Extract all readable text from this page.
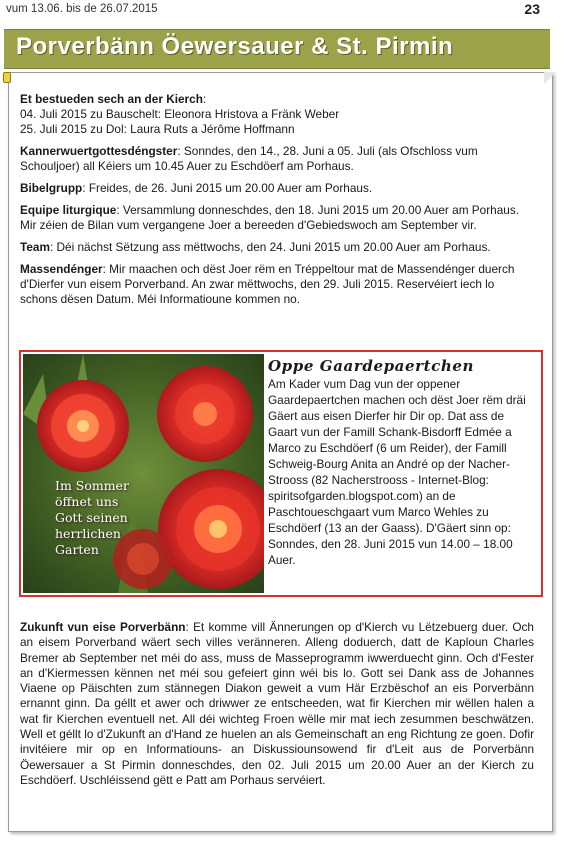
vum 13.06. bis de 26.07.2015	23
Porverbänn Öewersauer & St. Pirmin

Et bestueden sech an der Kierch:
04. Juli 2015 zu Bauschelt: Eleonora Hristova a Fränk Weber
25. Juli 2015 zu Dol: Laura Ruts a Jérôme Hoffmann

Kannerwuertgottesdéngster: Sonndes, den 14., 28. Juni a 05. Juli (als Ofschloss vum
Schouljoer) all Kéiers um 10.45 Auer zu Eschdöerf am Porhaus.

Bibelgrupp: Freides, de 26. Juni 2015 um 20.00 Auer am Porhaus.

Equipe liturgique: Versammlung donneschdes, den 18. Juni 2015 um 20.00 Auer am Porhaus.
Mir zéien de Bilan vum vergangene Joer a bereeden d'Gebiedswoch am September vir.

Team: Déi nächst Sëtzung ass mëttwochs, den 24. Juni 2015 um 20.00 Auer am Porhaus.

Massendénger: Mir maachen och dëst Joer rëm en Tréppeltour mat de Massendénger duerch
d'Dierfer vun eisem Porverband. An zwar mëttwochs, den 29. Juli 2015. Reservéiert iech lo
schons dësen Datum. Méi Informatioune kommen no.

Im Sommer
öffnet uns
Gott seinen
herrlichen
Garten
Oppe Gaardepaertchen
Am Kader vum Dag vun der oppener
Gaardepaertchen machen och dëst Joer rëm dräi
Gäert aus eisen Dierfer hir Dir op. Dat ass de
Gaart vun der Famill Schank-Bisdorff Edmée a
Marco zu Eschdöerf (6 um Reider), der Famill
Schweig-Bourg Anita an André op der Nacher-
Strooss (82 Nacherstrooss - Internet-Blog:
spiritsofgarden.blogspot.com) an de
Paschtoueschgaart vum Marco Wehles zu
Eschdöerf (13 an der Gaass). D'Gäert sinn op:
Sonndes, den 28. Juni 2015 vun 14.00 – 18.00
Auer.
Zukunft vun eise Porverbänn: Et komme vill Ännerungen op d'Kierch vu Lëtzebuerg duer. Och an eisem Porverband wäert sech villes veränneren. Alleng doduerch, datt de Kaploun Charles Bremer ab September net méi do ass, muss de Masseprogramm iwwerduecht ginn. Och d'Fester an d'Kiermessen kënnen net méi sou gefeiert ginn wéi bis lo. Gott sei Dank ass de Johannes Viaene op Päischten zum stännegen Diakon geweit a vum Här Erzbëschof an eis Porverbänn ernannt ginn. Da géllt et awer och driwwer ze entscheeden, wat fir Kierchen mir wëllen halen a wat fir Kierchen eventuell net. All déi wichteg Froen wëlle mir mat iech zesummen beschwätzen. Well et géllt lo d'Zukunft an d'Hand ze huelen an als Gemeinschaft an eng Richtung ze goen. Dofir invitéiere mir op en Informatiouns- an Diskussiounsowend fir d'Leit aus de Porverbänn Öewersauer a St Pirmin donneschdes, den 02. Juli 2015 um 20.00 Auer an der Kierch zu Eschdöerf. Uschléissend gëtt e Patt am Porhaus servéiert.
